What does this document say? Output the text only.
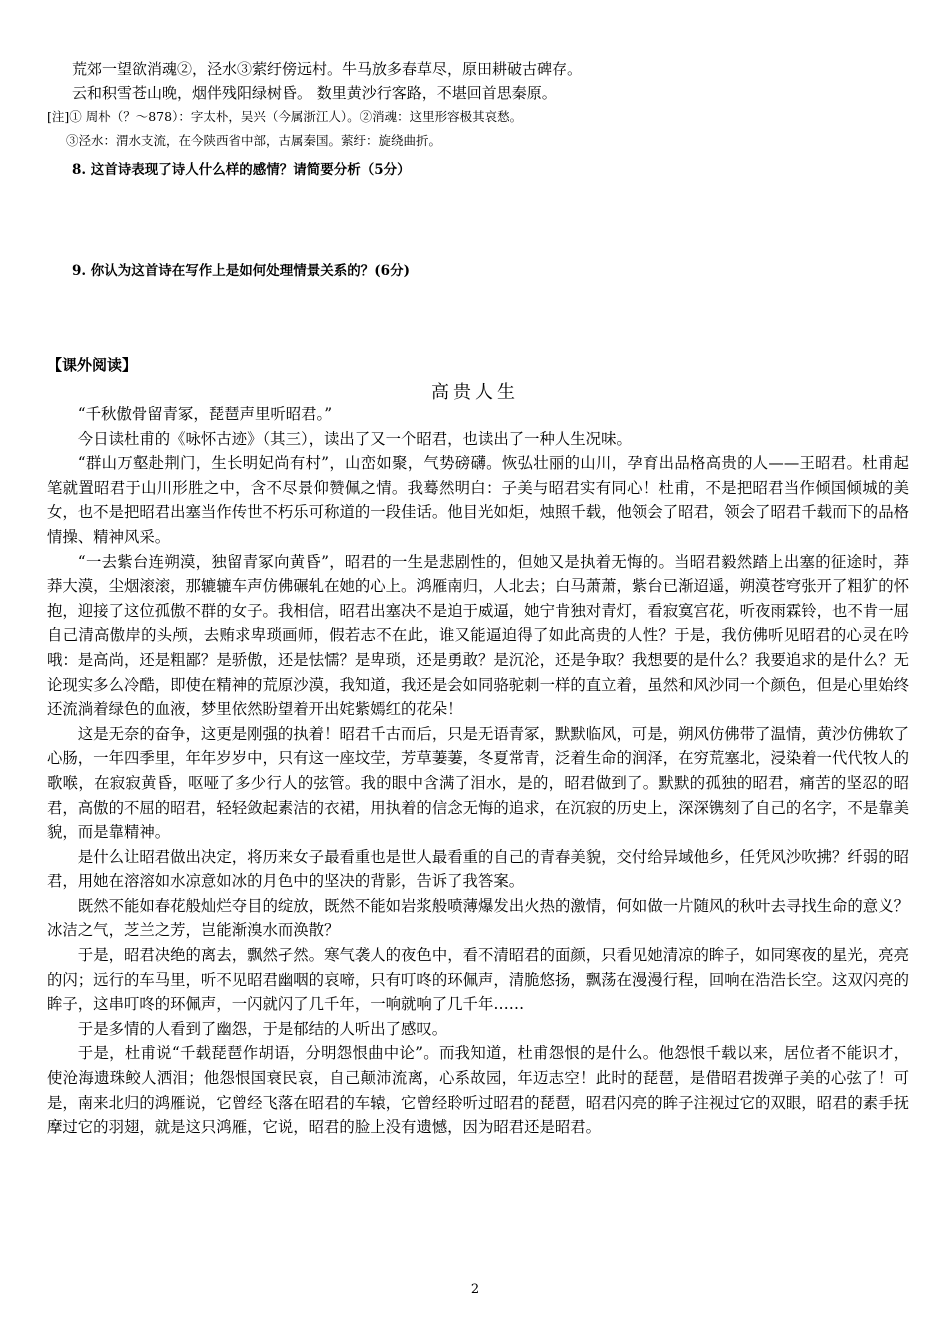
荒郊一望欲消魂②，泾水③萦纡傍远村。牛马放多春草尽，原田耕破古碑存。
云和积雪苍山晚，烟伴残阳绿树昏。 数里黄沙行客路，不堪回首思秦原。
[注]① 周朴（？～878）：字太朴，吴兴（今属浙江人）。②消魂：这里形容极其哀愁。
③泾水：渭水支流，在今陕西省中部，古属秦国。萦纡：旋绕曲折。
8. 这首诗表现了诗人什么样的感情？请简要分析（5分）
9. 你认为这首诗在写作上是如何处理情景关系的？(6分)
【课外阅读】
高贵人生

“千秋傲骨留青冢，琵琶声里听昭君。”

今日读杜甫的《咏怀古迹》（其三），读出了又一个昭君，也读出了一种人生况味。

“群山万壑赴荆门，生长明妃尚有村”，山峦如聚，气势磅礴。恢弘壮丽的山川，孕育出品格高贵的人——王昭君。杜甫起笔就置昭君于山川形胜之中，含不尽景仰赞佩之情。我蓦然明白：子美与昭君实有同心！杜甫，不是把昭君当作倾国倾城的美女，也不是把昭君出塞当作传世不朽乐可称道的一段佳话。他目光如炬，烛照千载，他领会了昭君，领会了昭君千载而下的品格情操、精神风采。

“一去紫台连朔漠，独留青冢向黄昏”，昭君的一生是悲剧性的，但她又是执着无悔的。当昭君毅然踏上出塞的征途时，莽莽大漠，尘烟滚滚，那辘辘车声仿佛碾轧在她的心上。鸿雁南归，人北去；白马萧萧，紫台已渐迢遥，朔漠苍穹张开了粗犷的怀抱，迎接了这位孤傲不群的女子。我相信，昭君出塞决不是迫于威逼，她宁肯独对青灯，看寂寞宫花，听夜雨霖铃，也不肯一屈自己清高傲岸的头颅，去贿求卑琐画师，假若志不在此，谁又能逼迫得了如此高贵的人性？于是，我仿佛听见昭君的心灵在吟哦：是高尚，还是粗鄙？是骄傲，还是怯懦？是卑琐，还是勇敢？是沉沦，还是争取？我想要的是什么？我要追求的是什么？无论现实多么冷酷，即使在精神的荒原沙漠，我知道，我还是会如同骆驼刺一样的直立着，虽然和风沙同一个颜色，但是心里始终还流淌着绿色的血液，梦里依然盼望着开出姹紫嫣红的花朵！

这是无奈的奋争，这更是刚强的执着！昭君千古而后，只是无语青冢，默默临风，可是，朔风仿佛带了温情，黄沙仿佛软了心肠，一年四季里，年年岁岁中，只有这一座坟茔，芳草萋萋，冬夏常青，泛着生命的润泽，在穷荒塞北，浸染着一代代牧人的歌喉，在寂寂黄昏，呕哑了多少行人的弦管。我的眼中含满了泪水，是的，昭君做到了。默默的孤独的昭君，痛苦的坚忍的昭君，高傲的不屈的昭君，轻轻敛起素洁的衣裙，用执着的信念无悔的追求，在沉寂的历史上，深深镌刻了自己的名字，不是靠美貌，而是靠精神。

是什么让昭君做出决定，将历来女子最看重也是世人最看重的自己的青春美貌，交付给异域他乡，任凭风沙吹拂？纤弱的昭君，用她在溶溶如水凉意如冰的月色中的坚决的背影，告诉了我答案。

既然不能如春花般灿烂夺目的绽放，既然不能如岩浆般喷薄爆发出火热的激情，何如做一片随风的秋叶去寻找生命的意义？冰洁之气，芝兰之芳，岂能渐溴水而涣散？

于是，昭君决绝的离去，飘然孑然。寒气袭人的夜色中，看不清昭君的面颜，只看见她清凉的眸子，如同寒夜的星光，亮亮的闪；远行的车马里，听不见昭君幽咽的哀啼，只有叮咚的环佩声，清脆悠扬，飘荡在漫漫行程，回响在浩浩长空。这双闪亮的眸子，这串叮咚的环佩声，一闪就闪了几千年，一响就响了几千年……

于是多情的人看到了幽怨，于是郁结的人听出了感叹。

于是，杜甫说“千载琵琶作胡语，分明怨恨曲中论”。而我知道，杜甫怨恨的是什么。他怨恨千载以来，居位者不能识才，使沧海遗珠鲛人洒泪；他怨恨国衰民哀，自己颠沛流离，心系故园，年迈志空！此时的琵琶，是借昭君拨弹子美的心弦了！可是，南来北归的鸿雁说，它曾经飞落在昭君的车辕，它曾经聆听过昭君的琵琶，昭君闪亮的眸子注视过它的双眼，昭君的素手抚摩过它的羽翅，就是这只鸿雁，它说，昭君的脸上没有遗憾，因为昭君还是昭君。

2
